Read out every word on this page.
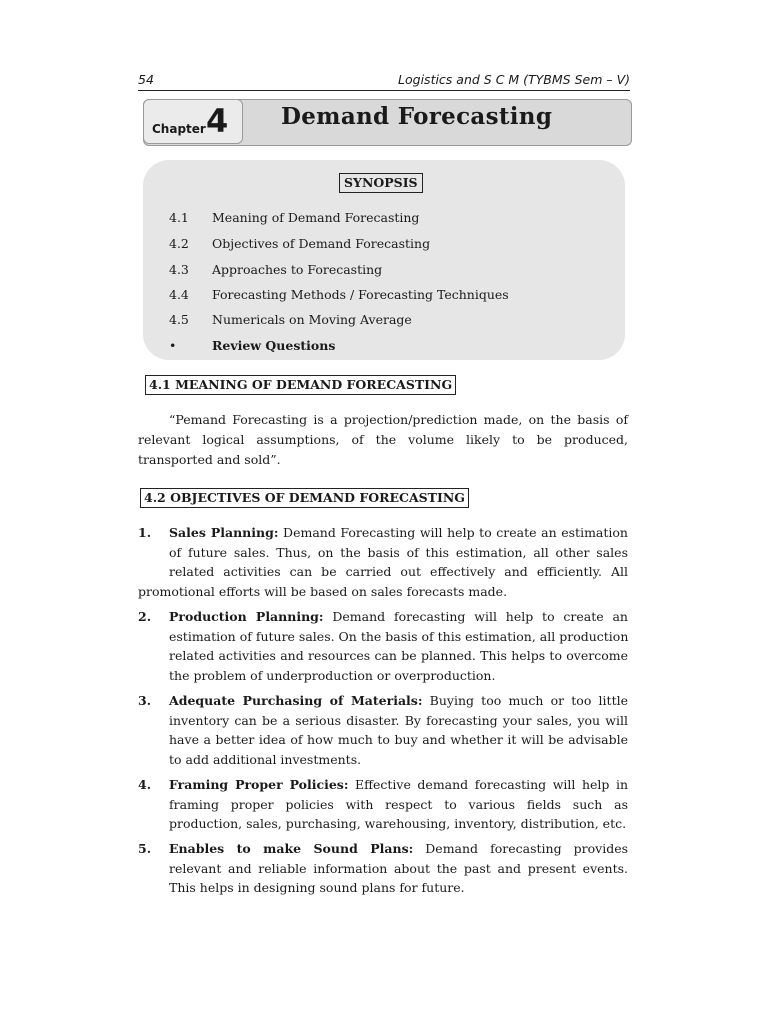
54	Logistics and S C M (TYBMS Sem – V)
Chapter 4 Demand Forecasting
SYNOPSIS
4.1	Meaning of Demand Forecasting
4.2	Objectives of Demand Forecasting
4.3	Approaches to Forecasting
4.4	Forecasting Methods / Forecasting Techniques
4.5	Numericals on Moving Average
•	Review Questions
4.1 MEANING OF DEMAND FORECASTING
“Pemand Forecasting is a projection/prediction made, on the basis of
relevant logical assumptions, of the volume likely to be produced,
transported and sold”.
4.2 OBJECTIVES OF DEMAND FORECASTING
1. Sales Planning: Demand Forecasting will help to create an estimation
of future sales. Thus, on the basis of this estimation, all other sales
related activities can be carried out effectively and efficiently. All
promotional efforts will be based on sales forecasts made.
2. Production Planning: Demand forecasting will help to create an
estimation of future sales. On the basis of this estimation, all production
related activities and resources can be planned. This helps to overcome
the problem of underproduction or overproduction.
3. Adequate Purchasing of Materials: Buying too much or too little
inventory can be a serious disaster. By forecasting your sales, you will
have a better idea of how much to buy and whether it will be advisable
to add additional investments.
4. Framing Proper Policies: Effective demand forecasting will help in
framing proper policies with respect to various fields such as
production, sales, purchasing, warehousing, inventory, distribution, etc.
5. Enables to make Sound Plans: Demand forecasting provides
relevant and reliable information about the past and present events.
This helps in designing sound plans for future.
